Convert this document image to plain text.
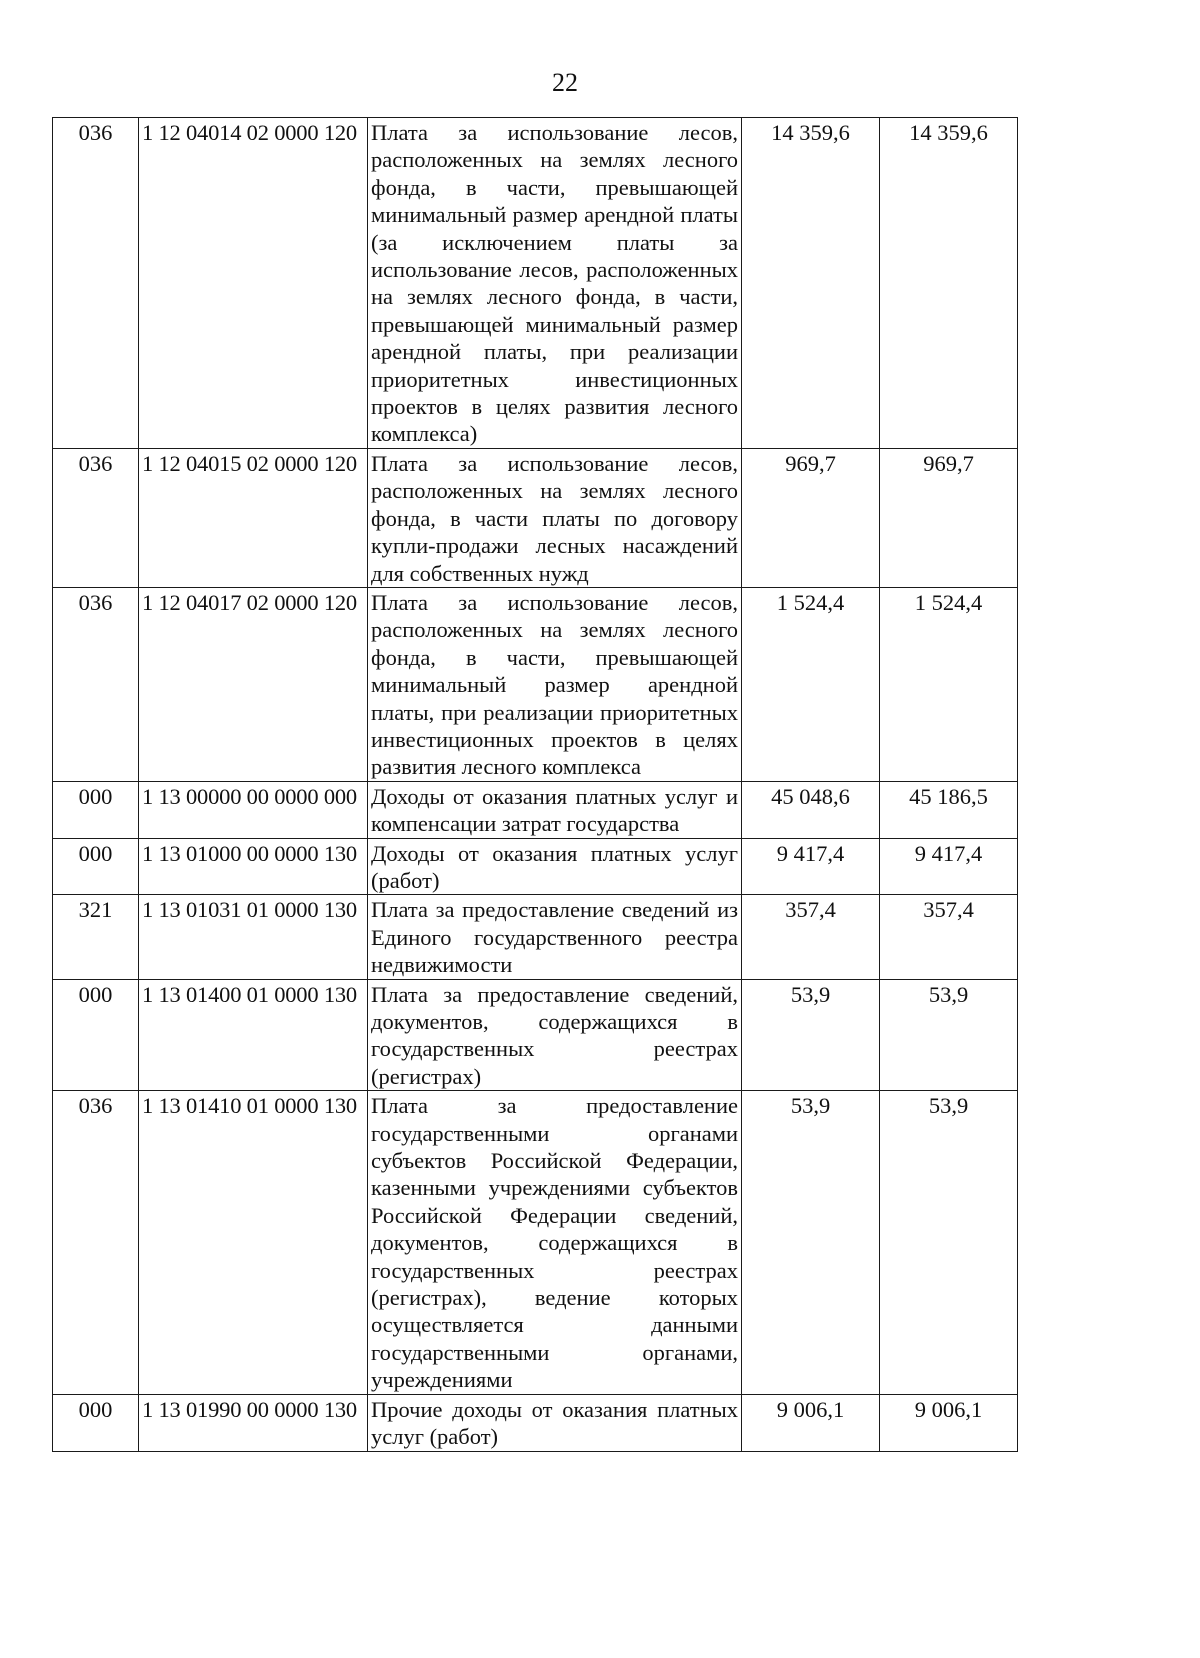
22
036	1 12 04014 02 0000 120	Плата за использование лесов, расположенных на землях лесного фонда, в части, превышающей минимальный размер арендной платы (за исключением платы за использование лесов, расположенных на землях лесного фонда, в части, превышающей минимальный размер арендной платы, при реализации приоритетных инвестиционных проектов в целях развития лесного комплекса)	14 359,6	14 359,6
036	1 12 04015 02 0000 120	Плата за использование лесов, расположенных на землях лесного фонда, в части платы по договору купли-продажи лесных насаждений для собственных нужд	969,7	969,7
036	1 12 04017 02 0000 120	Плата за использование лесов, расположенных на землях лесного фонда, в части, превышающей минимальный размер арендной платы, при реализации приоритетных инвестиционных проектов в целях развития лесного комплекса	1 524,4	1 524,4
000	1 13 00000 00 0000 000	Доходы от оказания платных услуг и компенсации затрат государства	45 048,6	45 186,5
000	1 13 01000 00 0000 130	Доходы от оказания платных услуг (работ)	9 417,4	9 417,4
321	1 13 01031 01 0000 130	Плата за предоставление сведений из Единого государственного реестра недвижимости	357,4	357,4
000	1 13 01400 01 0000 130	Плата за предоставление сведений, документов, содержащихся в государственных реестрах (регистрах)	53,9	53,9
036	1 13 01410 01 0000 130	Плата за предоставление государственными органами субъектов Российской Федерации, казенными учреждениями субъектов Российской Федерации сведений, документов, содержащихся в государственных реестрах (регистрах), ведение которых осуществляется данными государственными органами, учреждениями	53,9	53,9
000	1 13 01990 00 0000 130	Прочие доходы от оказания платных услуг (работ)	9 006,1	9 006,1
